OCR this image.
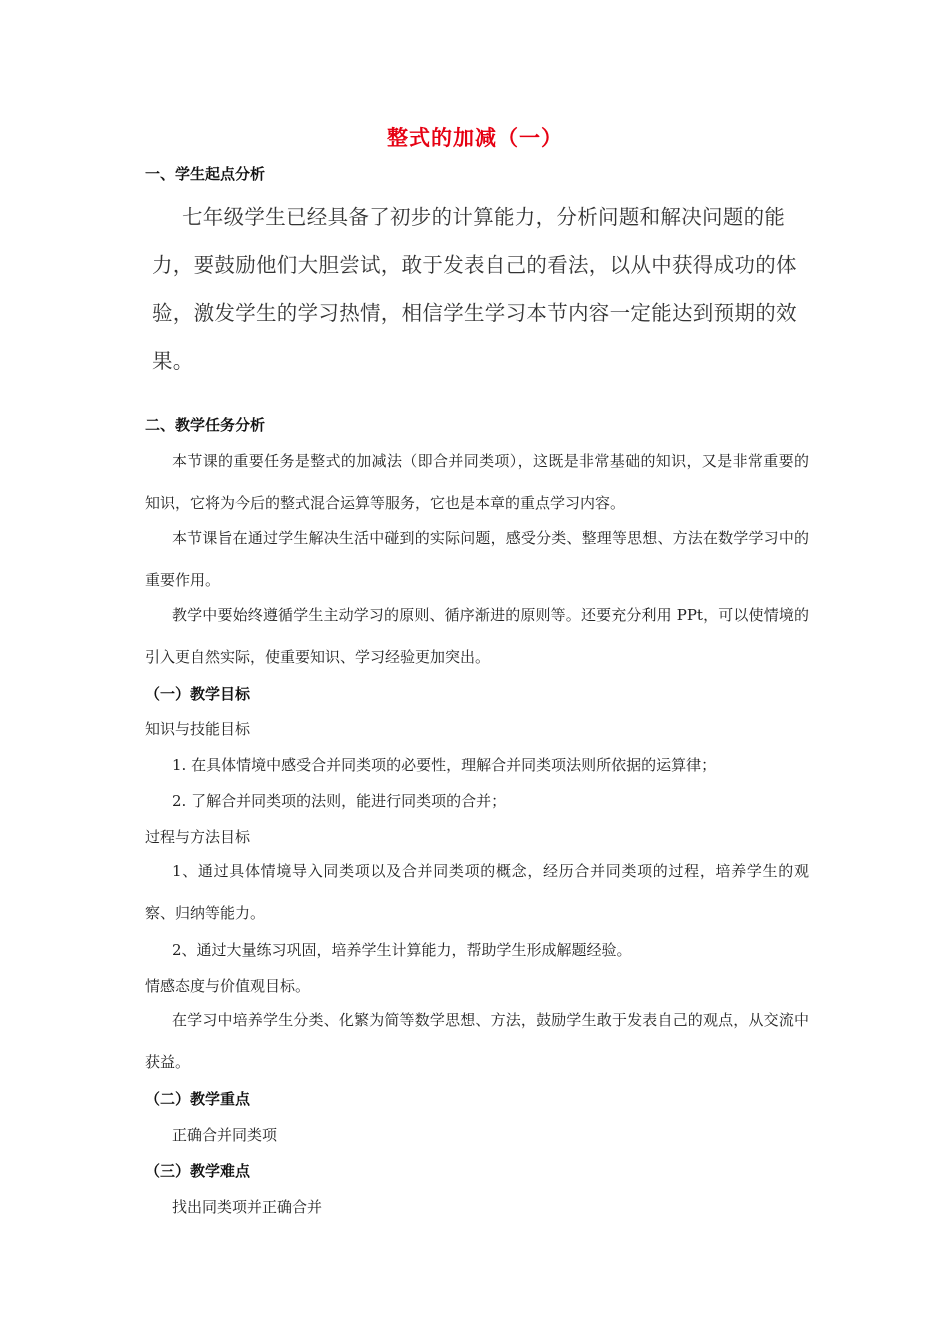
整式的加减（一）
一、学生起点分析
七年级学生已经具备了初步的计算能力，分析问题和解决问题的能力，要鼓励他们大胆尝试，敢于发表自己的看法，以从中获得成功的体验，激发学生的学习热情，相信学生学习本节内容一定能达到预期的效果。
二、教学任务分析
本节课的重要任务是整式的加减法（即合并同类项），这既是非常基础的知识，又是非常重要的知识，它将为今后的整式混合运算等服务，它也是本章的重点学习内容。
本节课旨在通过学生解决生活中碰到的实际问题，感受分类、整理等思想、方法在数学学习中的重要作用。
教学中要始终遵循学生主动学习的原则、循序渐进的原则等。还要充分利用 PPt，可以使情境的引入更自然实际，使重要知识、学习经验更加突出。
（一）教学目标
知识与技能目标
1. 在具体情境中感受合并同类项的必要性，理解合并同类项法则所依据的运算律；
2. 了解合并同类项的法则，能进行同类项的合并；
过程与方法目标
1、通过具体情境导入同类项以及合并同类项的概念，经历合并同类项的过程，培养学生的观察、归纳等能力。
2、通过大量练习巩固，培养学生计算能力，帮助学生形成解题经验。
情感态度与价值观目标。
在学习中培养学生分类、化繁为简等数学思想、方法，鼓励学生敢于发表自己的观点，从交流中获益。
（二）教学重点
正确合并同类项
（三）教学难点
找出同类项并正确合并
